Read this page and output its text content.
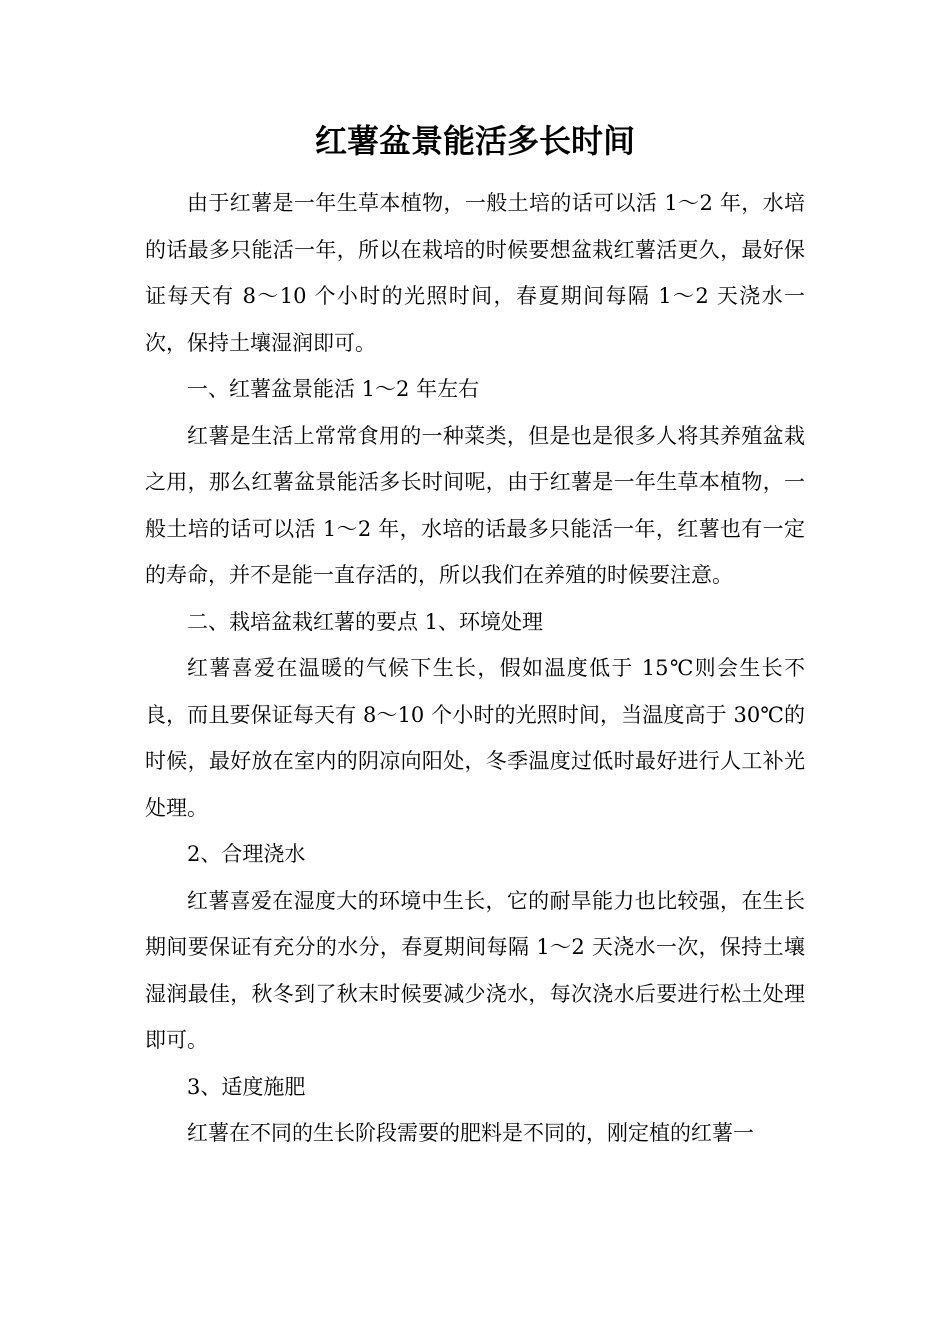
红薯盆景能活多长时间

由于红薯是一年生草本植物，一般土培的话可以活 1～2 年，水培的话最多只能活一年，所以在栽培的时候要想盆栽红薯活更久，最好保证每天有 8～10 个小时的光照时间，春夏期间每隔 1～2 天浇水一次，保持土壤湿润即可。

一、红薯盆景能活 1～2 年左右

红薯是生活上常常食用的一种菜类，但是也是很多人将其养殖盆栽之用，那么红薯盆景能活多长时间呢，由于红薯是一年生草本植物，一般土培的话可以活 1～2 年，水培的话最多只能活一年，红薯也有一定的寿命，并不是能一直存活的，所以我们在养殖的时候要注意。

二、栽培盆栽红薯的要点 1、环境处理

红薯喜爱在温暖的气候下生长，假如温度低于 15℃则会生长不良，而且要保证每天有 8～10 个小时的光照时间，当温度高于 30℃的时候，最好放在室内的阴凉向阳处，冬季温度过低时最好进行人工补光处理。

2、合理浇水

红薯喜爱在湿度大的环境中生长，它的耐旱能力也比较强，在生长期间要保证有充分的水分，春夏期间每隔 1～2 天浇水一次，保持土壤湿润最佳，秋冬到了秋末时候要减少浇水，每次浇水后要进行松土处理即可。

3、适度施肥

红薯在不同的生长阶段需要的肥料是不同的，刚定植的红薯一
